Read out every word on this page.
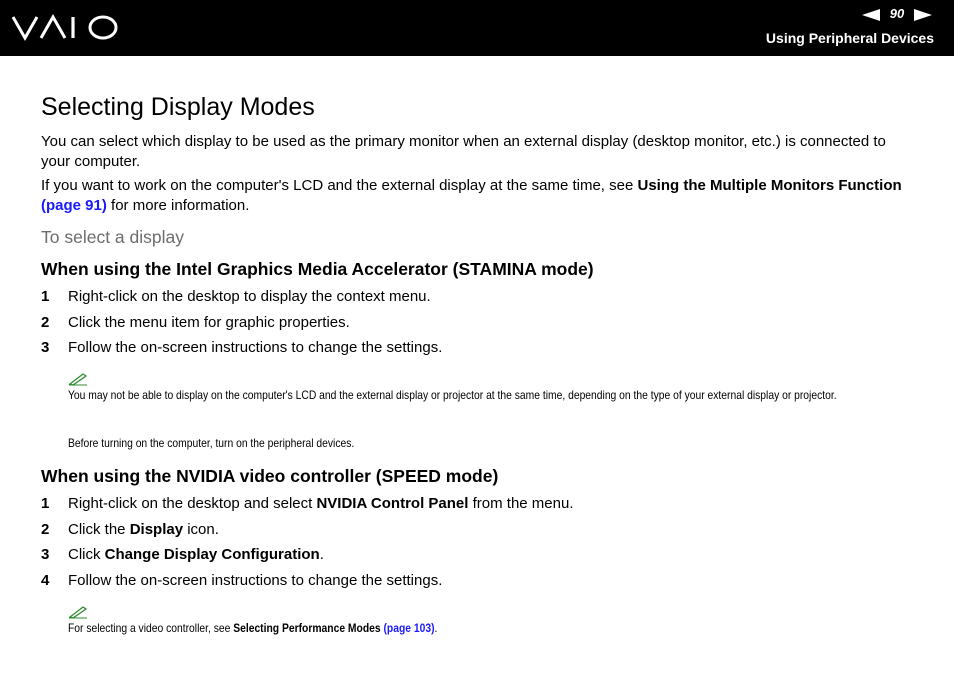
90
Using Peripheral Devices
Selecting Display Modes

You can select which display to be used as the primary monitor when an external display (desktop monitor, etc.) is connected to your computer.

If you want to work on the computer's LCD and the external display at the same time, see Using the Multiple Monitors Function (page 91) for more information.

To select a display

When using the Intel Graphics Media Accelerator (STAMINA mode)
1 Right-click on the desktop to display the context menu.
2 Click the menu item for graphic properties.
3 Follow the on-screen instructions to change the settings.

You may not be able to display on the computer's LCD and the external display or projector at the same time, depending on the type of your external display or projector.

Before turning on the computer, turn on the peripheral devices.

When using the NVIDIA video controller (SPEED mode)
1 Right-click on the desktop and select NVIDIA Control Panel from the menu.
2 Click the Display icon.
3 Click Change Display Configuration.
4 Follow the on-screen instructions to change the settings.

For selecting a video controller, see Selecting Performance Modes (page 103).
